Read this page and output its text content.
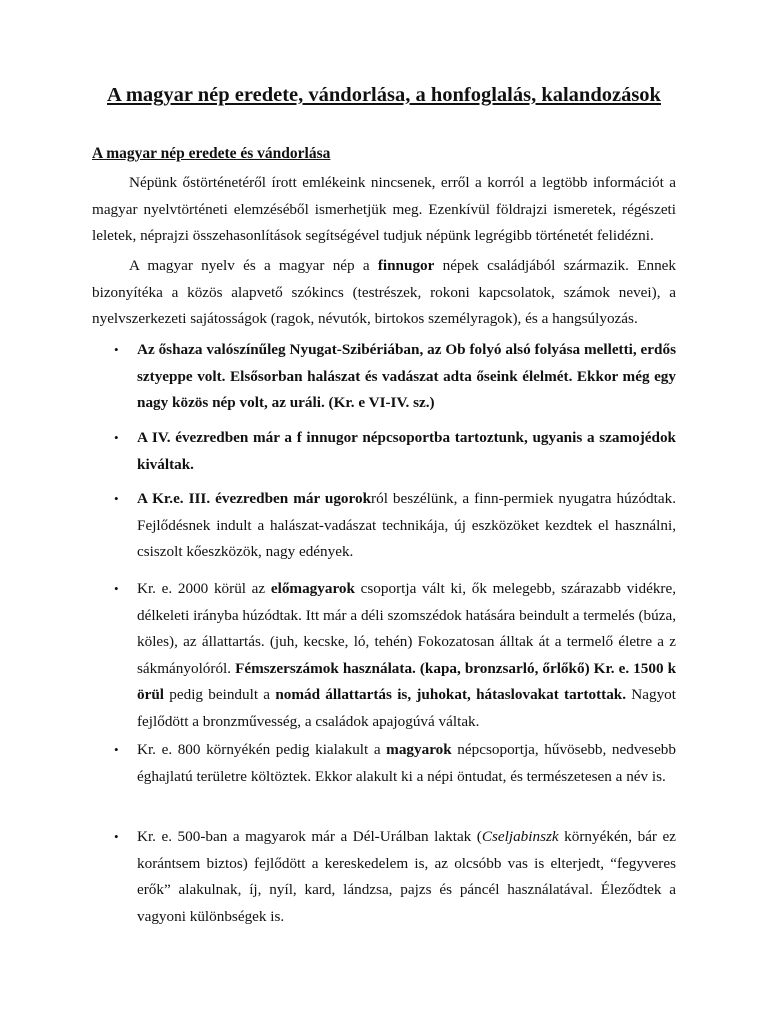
A magyar nép eredete, vándorlása, a honfoglalás, kalandozások
A magyar nép eredete és vándorlása

Népünk őstörténetéről írott emlékeink nincsenek, erről a korról a legtöbb információt a magyar nyelvtörténeti elemzéséből ismerhetjük meg. Ezenkívül földrajzi ismeretek, régészeti leletek, néprajzi összehasonlítások segítségével tudjuk népünk legrégibb történetét felidézni.

A magyar nyelv és a magyar nép a finnugor népek családjából származik. Ennek bizonyítéka a közös alapvető szókincs (testrészek, rokoni kapcsolatok, számok nevei), a nyelvszerkezeti sajátosságok (ragok, névutók, birtokos személyragok), és a hangsúlyozás.

• Az őshaza valószínűleg Nyugat-Szibériában, az Ob folyó alsó folyása melletti, erdős sztyeppe volt. Elsősorban halászat és vadászat adta őseink élelmét. Ekkor még egy nagy közös nép volt, az uráli. (Kr. e VI-IV. sz.)
• A IV. évezredben már a f innugor népcsoportba tartoztunk, ugyanis a szamojédok kiváltak.
• A Kr.e. III. évezredben már ugorokról beszélünk, a finn-permiek nyugatra húzódtak. Fejlődésnek indult a halászat-vadászat technikája, új eszközöket kezdtek el használni, csiszolt kőeszközök, nagy edények.
• Kr. e. 2000 körül az előmagyarok csoportja vált ki, ők melegebb, szárazabb vidékre, délkeleti irányba húzódtak. Itt már a déli szomszédok hatására beindult a termelés (búza, köles), az állattartás. (juh, kecske, ló, tehén) Fokozatosan álltak át a termelő életre a z sákmányolóról. Fémszerszámok használata. (kapa, bronzsarló, őrlőkő) Kr. e. 1500 k örül pedig beindult a nomád állattartás is, juhokat, hátaslovakat tartottak. Nagyot fejlődött a bronzművesség, a családok apajogúvá váltak.
• Kr. e. 800 környékén pedig kialakult a magyarok népcsoportja, hűvösebb, nedvesebb éghajlatú területre költöztek. Ekkor alakult ki a népi öntudat, és természetesen a név is.
• Kr. e. 500-ban a magyarok már a Dél-Urálban laktak (Cseljabinszk környékén, bár ez korántsem biztos) fejlődött a kereskedelem is, az olcsóbb vas is elterjedt, “fegyveres erők” alakulnak, íj, nyíl, kard, lándzsa, pajzs és páncél használatával. Éleződtek a vagyoni különbségek is.
